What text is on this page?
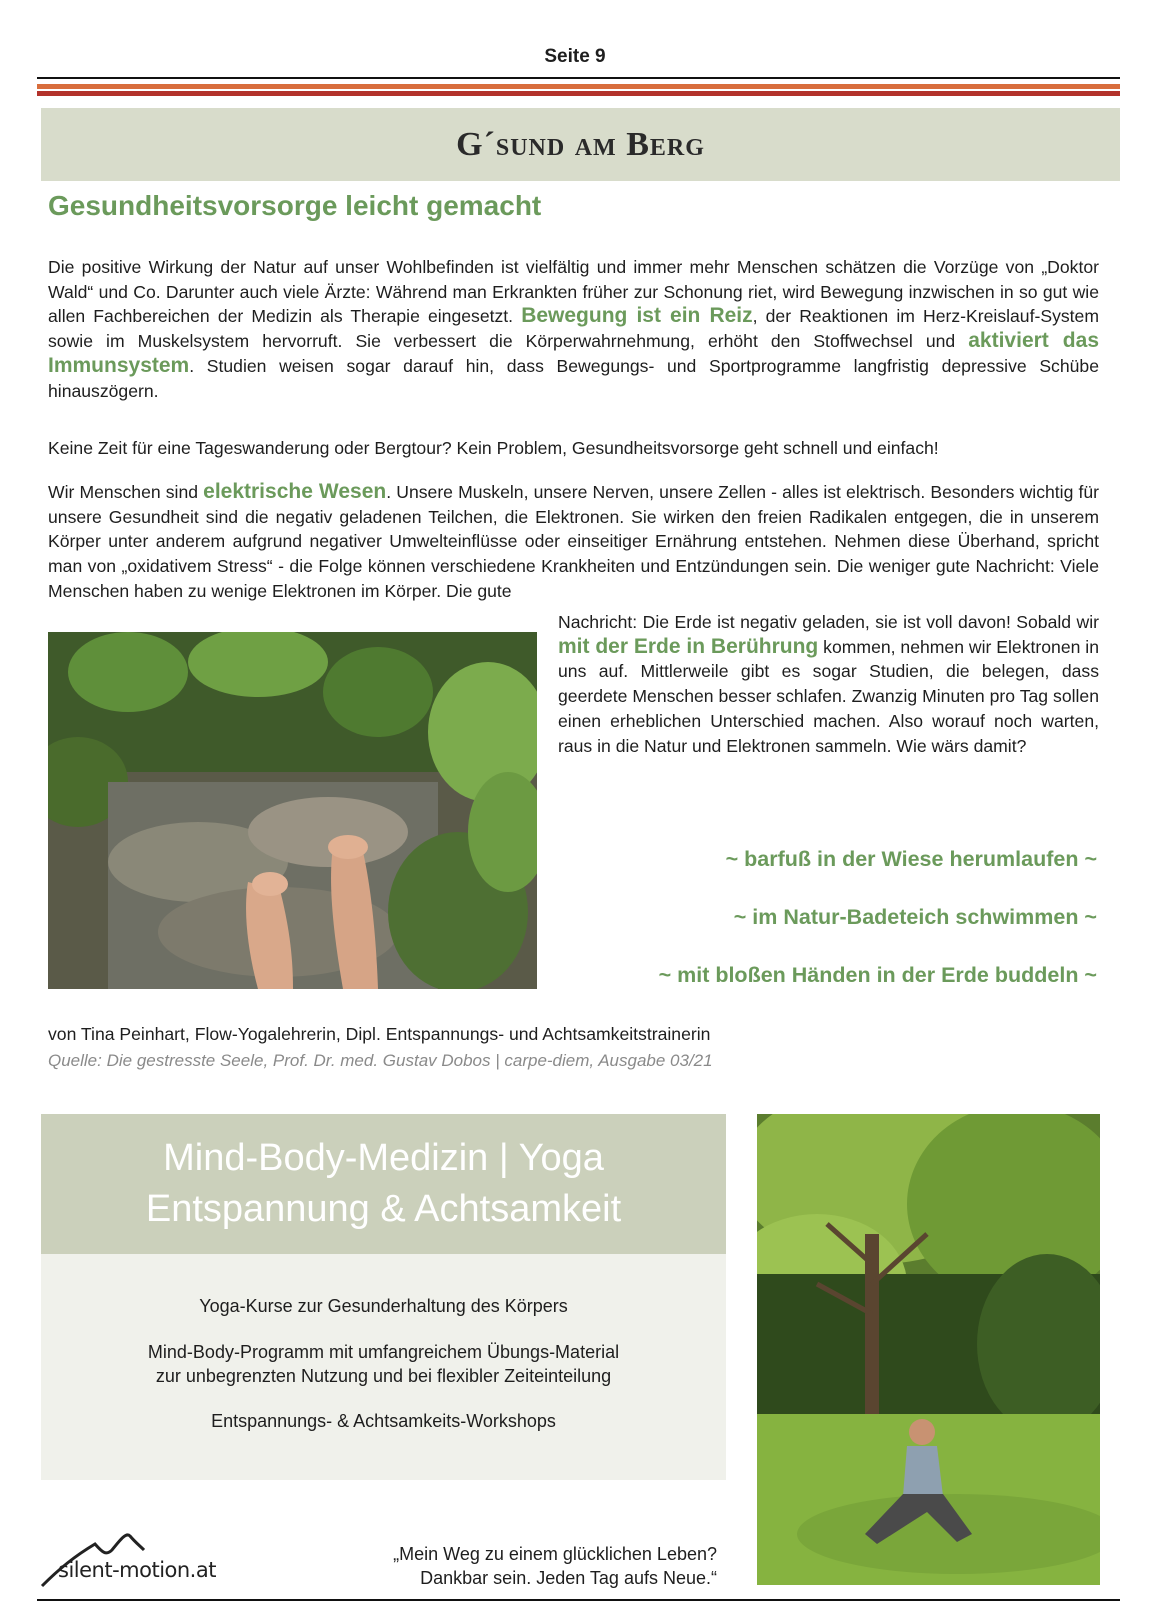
Seite 9
G´sund am Berg
Gesundheitsvorsorge leicht gemacht
Die positive Wirkung der Natur auf unser Wohlbefinden ist vielfältig und immer mehr Menschen schätzen die Vorzüge von „Doktor Wald“ und Co. Darunter auch viele Ärzte: Während man Erkrankten früher zur Schonung riet, wird Bewegung inzwischen in so gut wie allen Fachbereichen der Medizin als Therapie eingesetzt. Bewegung ist ein Reiz, der Reaktionen im Herz-Kreislauf-System sowie im Muskelsystem hervorruft. Sie verbessert die Körperwahrnehmung, erhöht den Stoffwechsel und aktiviert das Immunsystem. Studien weisen sogar darauf hin, dass Bewegungs- und Sportprogramme langfristig depressive Schübe hinauszögern.
Keine Zeit für eine Tageswanderung oder Bergtour? Kein Problem, Gesundheitsvorsorge geht schnell und einfach!
Wir Menschen sind elektrische Wesen. Unsere Muskeln, unsere Nerven, unsere Zellen - alles ist elektrisch. Besonders wichtig für unsere Gesundheit sind die negativ geladenen Teilchen, die Elektronen. Sie wirken den freien Radikalen entgegen, die in unserem Körper unter anderem aufgrund negativer Umwelteinflüsse oder einseitiger Ernährung entstehen. Nehmen diese Überhand, spricht man von „oxidativem Stress“ - die Folge können verschiedene Krankheiten und Entzündungen sein. Die weniger gute Nachricht: Viele Menschen haben zu wenige Elektronen im Körper. Die gute
Nachricht: Die Erde ist negativ geladen, sie ist voll davon! Sobald wir mit der Erde in Berührung kommen, nehmen wir Elektronen in uns auf. Mittlerweile gibt es sogar Studien, die belegen, dass geerdete Menschen besser schlafen. Zwanzig Minuten pro Tag sollen einen erheblichen Unterschied machen. Also worauf noch warten, raus in die Natur und Elektronen sammeln. Wie wärs damit?
~ barfuß in der Wiese herumlaufen ~
~ im Natur-Badeteich schwimmen ~
~ mit bloßen Händen in der Erde buddeln ~
von Tina Peinhart, Flow-Yogalehrerin, Dipl. Entspannungs- und Achtsamkeitstrainerin
Quelle: Die gestresste Seele, Prof. Dr. med. Gustav Dobos | carpe-diem, Ausgabe 03/21
Mind-Body-Medizin | Yoga
Entspannung & Achtsamkeit

Yoga-Kurse zur Gesunderhaltung des Körpers

Mind-Body-Programm mit umfangreichem Übungs-Material
zur unbegrenzten Nutzung und bei flexibler Zeiteinteilung

Entspannungs- & Achtsamkeits-Workshops

silent-motion.at
„Mein Weg zu einem glücklichen Leben?
Dankbar sein. Jeden Tag aufs Neue.“
